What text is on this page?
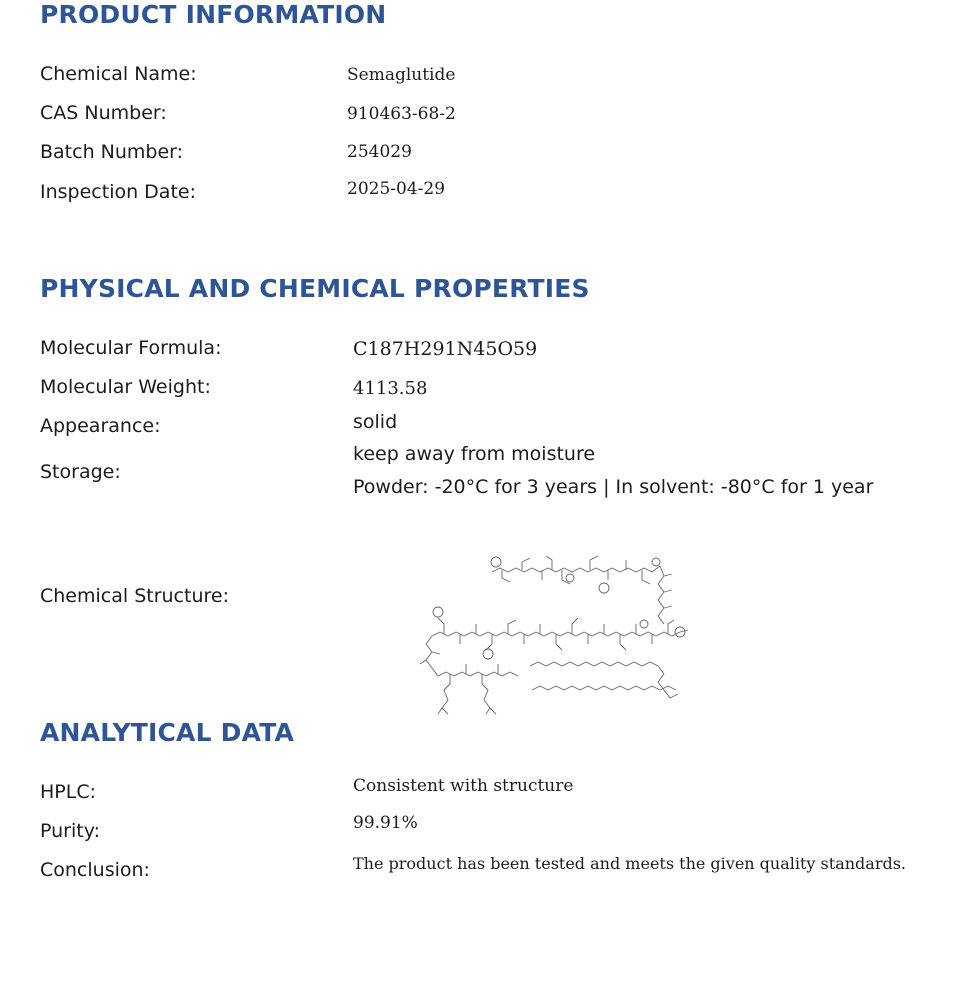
PRODUCT INFORMATION
Chemical Name:	Semaglutide
CAS Number:	910463-68-2
Batch Number:	254029
Inspection Date:	2025-04-29
PHYSICAL AND CHEMICAL PROPERTIES
Molecular Formula:	C187H291N45O59
Molecular Weight:	4113.58
Appearance:	solid
Storage:
keep away from moisture
Powder: -20°C for 3 years | In solvent: -80°C for 1 year
Chemical Structure:
ANALYTICAL DATA
HPLC:	Consistent with structure
Purity:	99.91%
Conclusion:	The product has been tested and meets the given quality standards.
